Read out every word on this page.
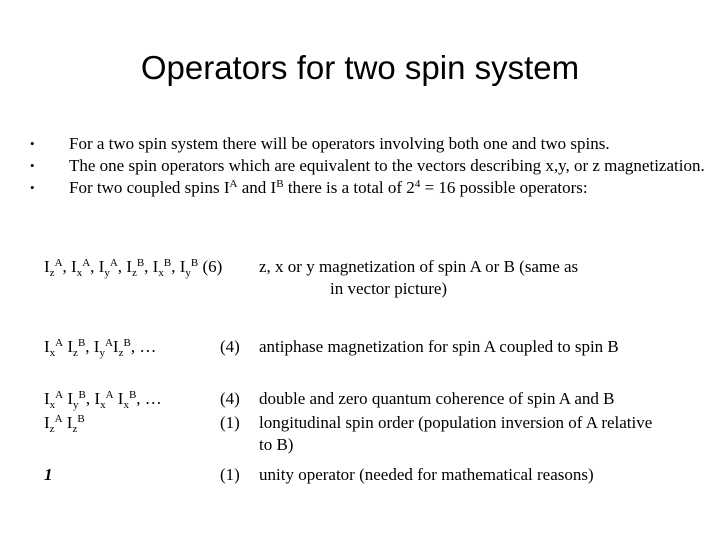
Operators for two spin system
• For a two spin system there will be operators involving both one and two spins.
• The one spin operators which are equivalent to the vectors describing x,y, or z magnetization.
• For two coupled spins $I^A$ and $I^B$ there is a total of $2^4 = 16$ possible operators:
$I_z^A$, $I_x^A$, $I_y^A$, $I_z^B$, $I_x^B$, $I_y^B$ (6) z, x or y magnetization of spin A or B (same as
in vector picture)
$I_x^A$ $I_z^B$, $I_y^AI_z^B$, …	(4) antiphase magnetization for spin A coupled to spin B
$I_x^A$ $I_y^B$, $I_x^A$ $I_x^B$, …	(4) double and zero quantum coherence of spin A and B
$I_z^A$ $I_z^B$	(1) longitudinal spin order (population inversion of A relative
to B)
1	(1) unity operator (needed for mathematical reasons)
